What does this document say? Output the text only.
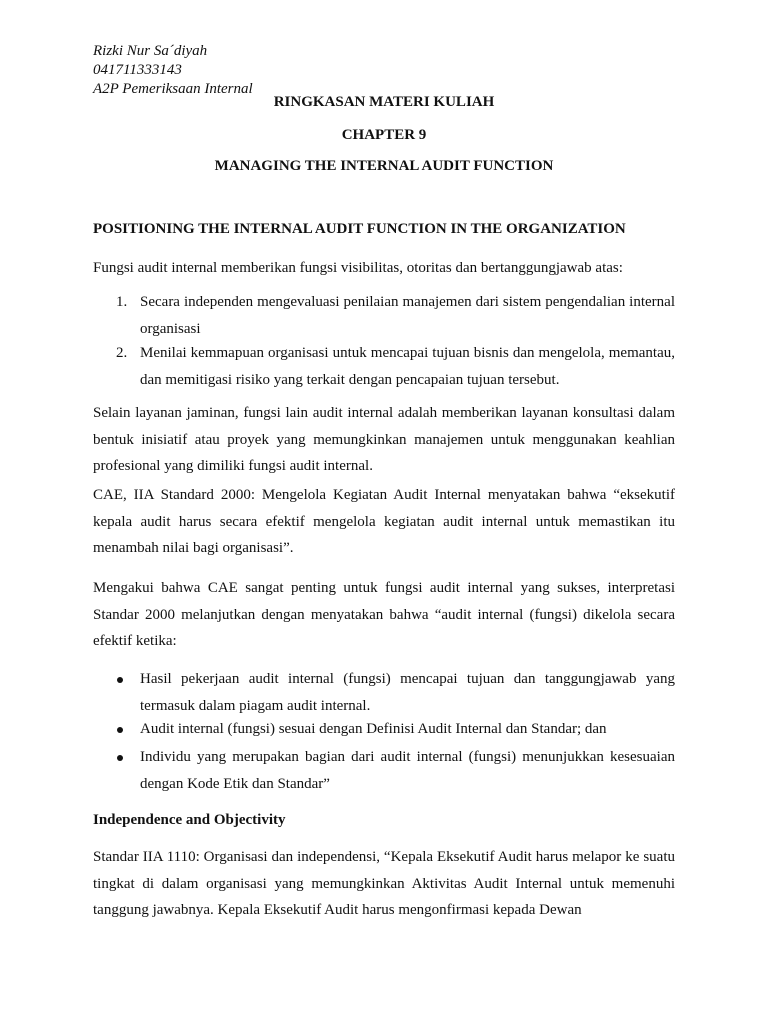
Rizki Nur Sa´diyah
041711333143
A2P Pemeriksaan Internal
RINGKASAN MATERI KULIAH
CHAPTER 9
MANAGING THE INTERNAL AUDIT FUNCTION
POSITIONING THE INTERNAL AUDIT FUNCTION IN THE ORGANIZATION
Fungsi audit internal memberikan fungsi visibilitas, otoritas dan bertanggungjawab atas:
1. Secara independen mengevaluasi penilaian manajemen dari sistem pengendalian internal organisasi
2. Menilai kemmapuan organisasi untuk mencapai tujuan bisnis dan mengelola, memantau, dan memitigasi risiko yang terkait dengan pencapaian tujuan tersebut.
Selain layanan jaminan, fungsi lain audit internal adalah memberikan layanan konsultasi dalam bentuk inisiatif atau proyek yang memungkinkan manajemen untuk menggunakan keahlian profesional yang dimiliki fungsi audit internal.
CAE, IIA Standard 2000: Mengelola Kegiatan Audit Internal menyatakan bahwa “eksekutif kepala audit harus secara efektif mengelola kegiatan audit internal untuk memastikan itu menambah nilai bagi organisasi”.
Mengakui bahwa CAE sangat penting untuk fungsi audit internal yang sukses, interpretasi Standar 2000 melanjutkan dengan menyatakan bahwa “audit internal (fungsi) dikelola secara efektif ketika:
Hasil pekerjaan audit internal (fungsi) mencapai tujuan dan tanggungjawab yang termasuk dalam piagam audit internal.
Audit internal (fungsi) sesuai dengan Definisi Audit Internal dan Standar; dan
Individu yang merupakan bagian dari audit internal (fungsi) menunjukkan kesesuaian dengan Kode Etik dan Standar”
Independence and Objectivity
Standar IIA 1110: Organisasi dan independensi, “Kepala Eksekutif Audit harus melapor ke suatu tingkat di dalam organisasi yang memungkinkan Aktivitas Audit Internal untuk memenuhi tanggung jawabnya. Kepala Eksekutif Audit harus mengonfirmasi kepada Dewan
